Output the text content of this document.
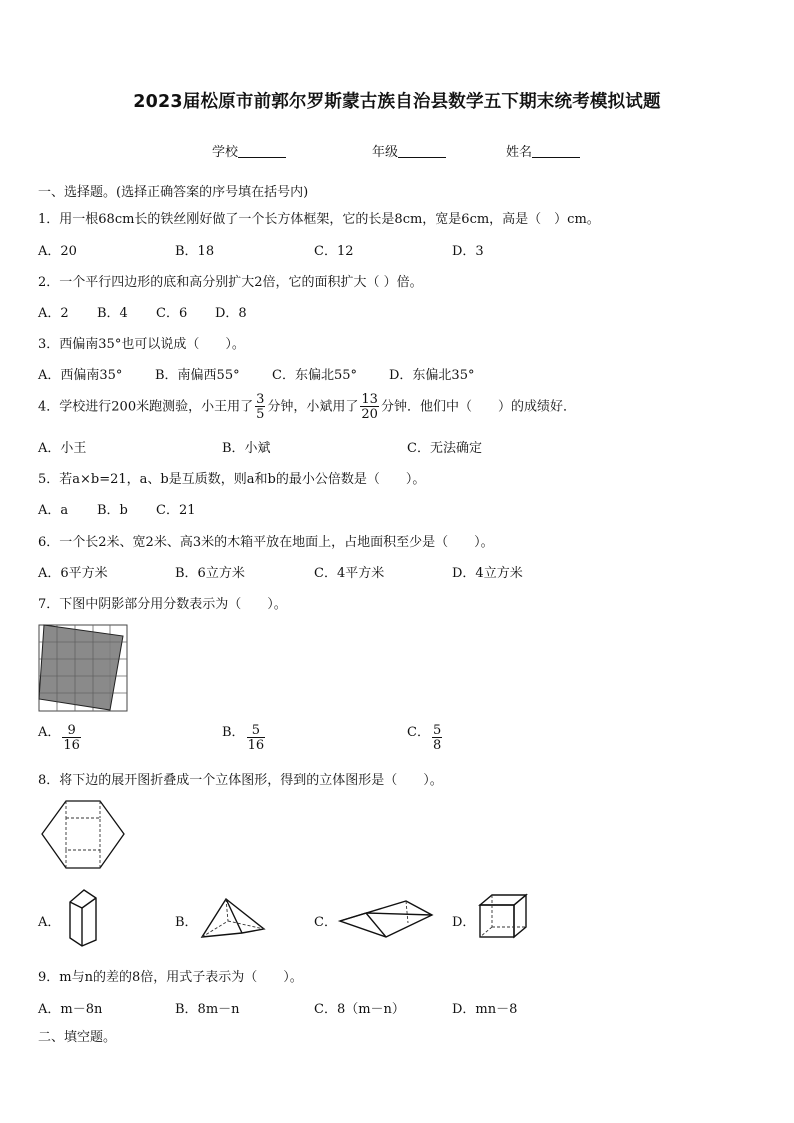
2023届松原市前郭尔罗斯蒙古族自治县数学五下期末统考模拟试题
学校	年级	姓名
一、选择题。(选择正确答案的序号填在括号内)
1．用一根68cm长的铁丝刚好做了一个长方体框架，它的长是8cm，宽是6cm，高是（　）cm。
A．20	B．18	C．12	D．3
2．一个平行四边形的底和高分别扩大2倍，它的面积扩大（ ）倍。
A．2 B．4 C．6 D．8
3．西偏南35°也可以说成（　　）。
A．西偏南35°	B．南偏西55° C．东偏北55° D．东偏北35°
4．学校进行200米跑测验，小王用了 $\frac{3}{5}$ 分钟，小斌用了 $\frac{13}{20}$ 分钟．他们中（　　）的成绩好．
A．小王	B．小斌	C．无法确定
5．若a×b=21，a、b是互质数，则a和b的最小公倍数是（　　）。
A．a B．b C．21
6．一个长2米、宽2米、高3米的木箱平放在地面上，占地面积至少是（　　）。
A．6平方米	B．6立方米	C．4平方米	D．4立方米
7．下图中阴影部分用分数表示为（　　）。
A． $\frac{9}{16}$	B． $\frac{5}{16}$	C． $\frac{5}{8}$
8．将下边的展开图折叠成一个立体图形，得到的立体图形是（　　）。
A．	B．	C．	D．
9．m与n的差的8倍，用式子表示为（　　）。
A．m－8n	B．8m－n	C．8（m－n）	D．mn－8
二、填空题。
